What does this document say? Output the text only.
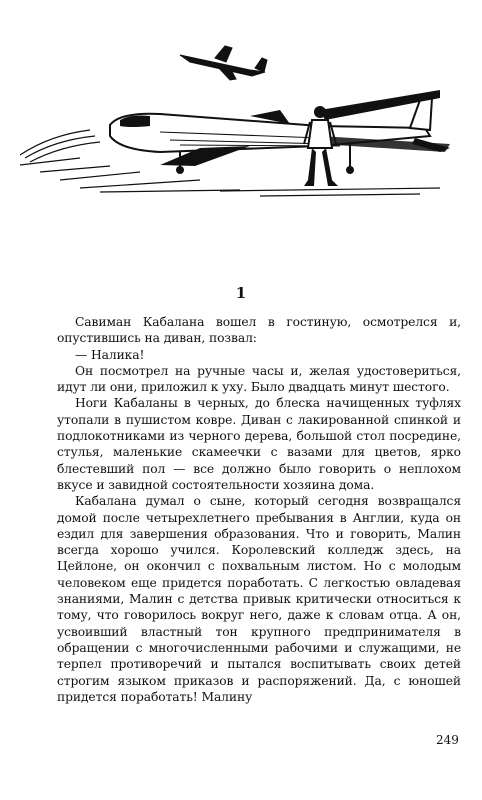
1

Савиман Кабалана вошел в гостиную, осмотрелся и, опустившись на диван, позвал:

— Налика!

Он посмотрел на ручные часы и, желая удостовериться, идут ли они, приложил к уху. Было двадцать минут шестого.

Ноги Кабаланы в черных, до блеска начищенных туфлях утопали в пушистом ковре. Диван с лакированной спинкой и подлокотниками из черного дерева, большой стол посредине, стулья, маленькие скамеечки с вазами для цветов, ярко блестевший пол — все должно было говорить о неплохом вкусе и завидной состоятельности хозяина дома.

Кабалана думал о сыне, который сегодня возвращался домой после четырехлетнего пребывания в Англии, куда он ездил для завершения образования. Что и говорить, Малин всегда хорошо учился. Королевский колледж здесь, на Цейлоне, он окончил с похвальным листом. Но с молодым человеком еще придется поработать. С легкостью овладевая знаниями, Малин с детства привык критически относиться к тому, что говорилось вокруг него, даже к словам отца. А он, усвоивший властный тон крупного предпринимателя в обращении с многочисленными рабочими и служащими, не терпел противоречий и пытался воспитывать своих детей строгим языком приказов и распоряжений. Да, с юношей придется поработать! Малину

249
